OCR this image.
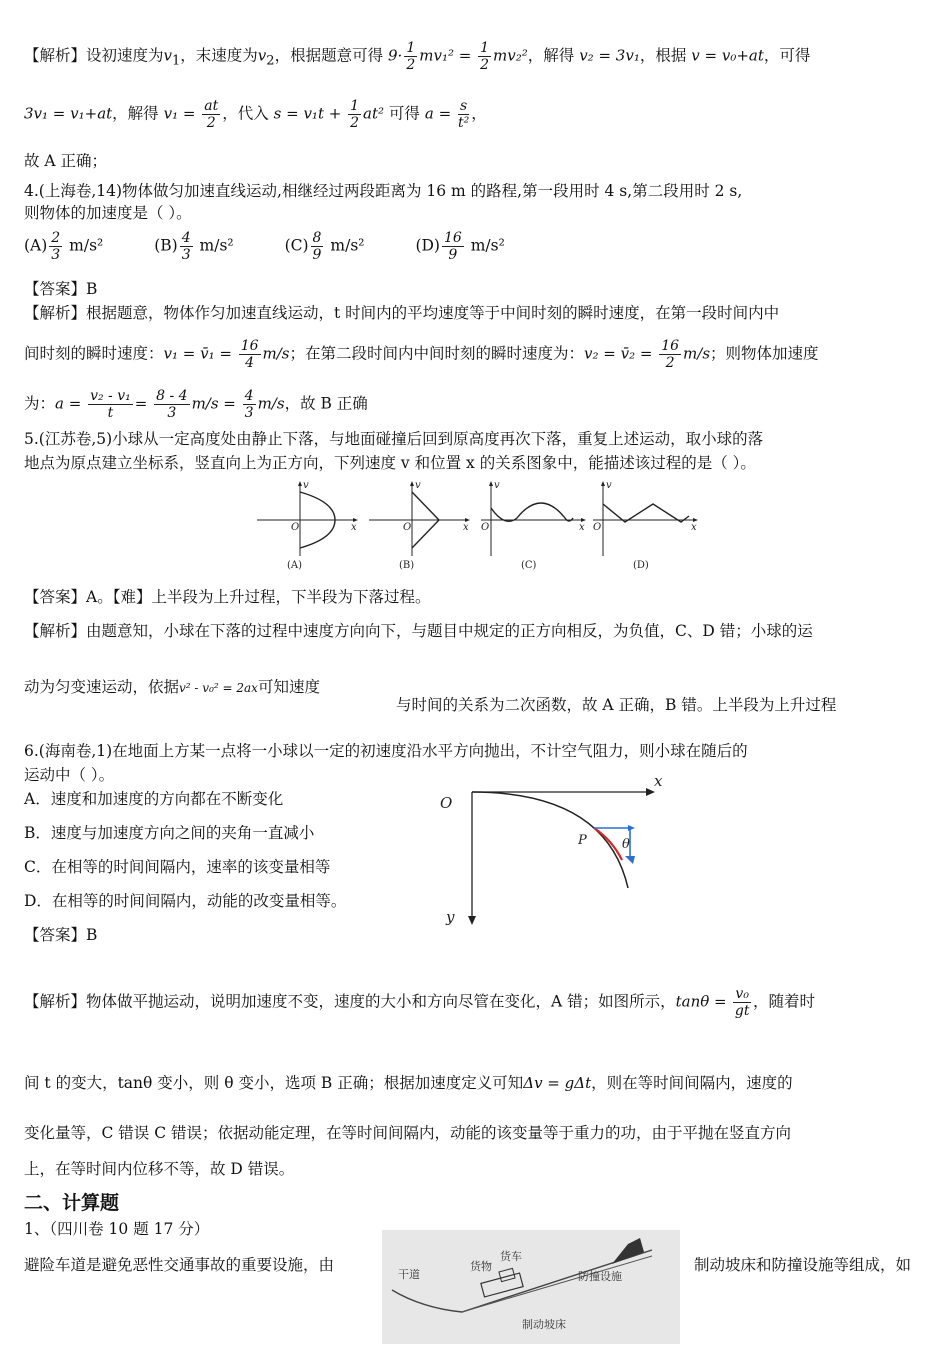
【解析】设初速度为$v_1$，末速度为$v_2$，根据题意可得 $9\cdot \frac{1}{2} mv_1^2 = \frac{1}{2} mv_2^2$，解得 v₂ = 3v₁，根据 v = v₀+at，可得
3v₁ = v₁+at，解得 $v_1 = \frac{at}{2}$ ，代入 $s = v_1t + \frac{1}{2} at^2$ 可得 $a = \frac{s}{\text{t²}}$ ，
故 A 正确；
4.(上海卷,14)物体做匀加速直线运动,相继经过两段距离为 16 m 的路程,第一段用时 4 s,第二段用时 2 s,
则物体的加速度是（ ）。
$(A) \frac{2}{3} m/s^2$	$(B) \frac{4}{3} m/s^2$	$(C) \frac{8}{9} m/s^2$	$(D) \frac{16}{9} m/s^2$
【答案】B
【解析】根据题意，物体作匀加速直线运动，t 时间内的平均速度等于中间时刻的瞬时速度，在第一段时间内中
间时刻的瞬时速度：v₁ = v̄₁ = $\frac{16}{4} m/s$；在第二段时间内中间时刻的瞬时速度为：v₂ = v̄₂ = $\frac{16}{2} m/s$；则物体加速度
为：$a = \frac{\text{v₂ - v₁}}{t} = \frac{8 - 4}{3} m/s = \frac{4}{3} m/s$，故 B 正确
5.(江苏卷,5)小球从一定高度处由静止下落，与地面碰撞后回到原高度再次下落，重复上述运动，取小球的落
地点为原点建立坐标系，竖直向上为正方向，下列速度 v 和位置 x 的关系图象中，能描述该过程的是（ ）。
v
O	x
(A)
v
O	x
(B)
v
O	x
(C)
v
O	x
(D)
【答案】A。【难】上半段为上升过程，下半段为下落过程。
【解析】由题意知，小球在下落的过程中速度方向向下，与题目中规定的正方向相反，为负值，C、D 错；小球的运
动为匀变速运动，依据v² - v₀² = 2ax可知速度
与时间的关系为二次函数，故 A 正确，B 错。上半段为上升过程
6.(海南卷,1)在地面上方某一点将一小球以一定的初速度沿水平方向抛出，不计空气阻力，则小球在随后的
运动中（ ）。
A．速度和加速度的方向都在不断变化
B．速度与加速度方向之间的夹角一直减小
C．在相等的时间间隔内，速率的该变量相等
D．在相等的时间间隔内，动能的改变量相等。
【答案】B
O
x
y
P	θ
【解析】物体做平抛运动，说明加速度不变，速度的大小和方向尽管在变化，A 错；如图所示，$\tan\theta = \frac{\text{v₀}}{gt}$ ，随着时
间 t 的变大，tanθ 变小，则 θ 变小，选项 B 正确；根据加速度定义可知Δv = gΔt，则在等时间间隔内，速度的
变化量等，C 错误 C 错误；依据动能定理，在等时间间隔内，动能的该变量等于重力的功，由于平抛在竖直方向
上，在等时间内位移不等，故 D 错误。
二、计算题
1、（四川卷 10 题 17 分）
避险车道是避免恶性交通事故的重要设施，由	制动坡床和防撞设施等组成，如
干道
货物
货车
防撞设施
制动坡床
